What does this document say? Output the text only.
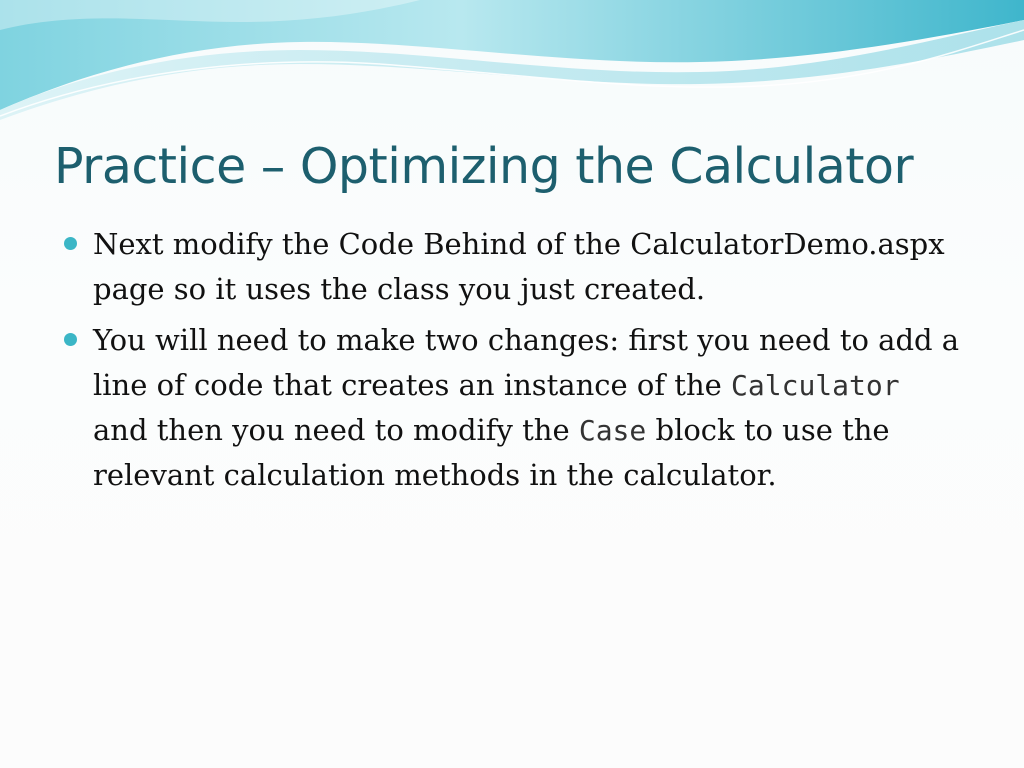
Practice – Optimizing the Calculator
Next modify the Code Behind of the CalculatorDemo.aspx page so it uses the class you just created.
You will need to make two changes: first you need to add a line of code that creates an instance of the Calculator and then you need to modify the Case block to use the relevant calculation methods in the calculator.
